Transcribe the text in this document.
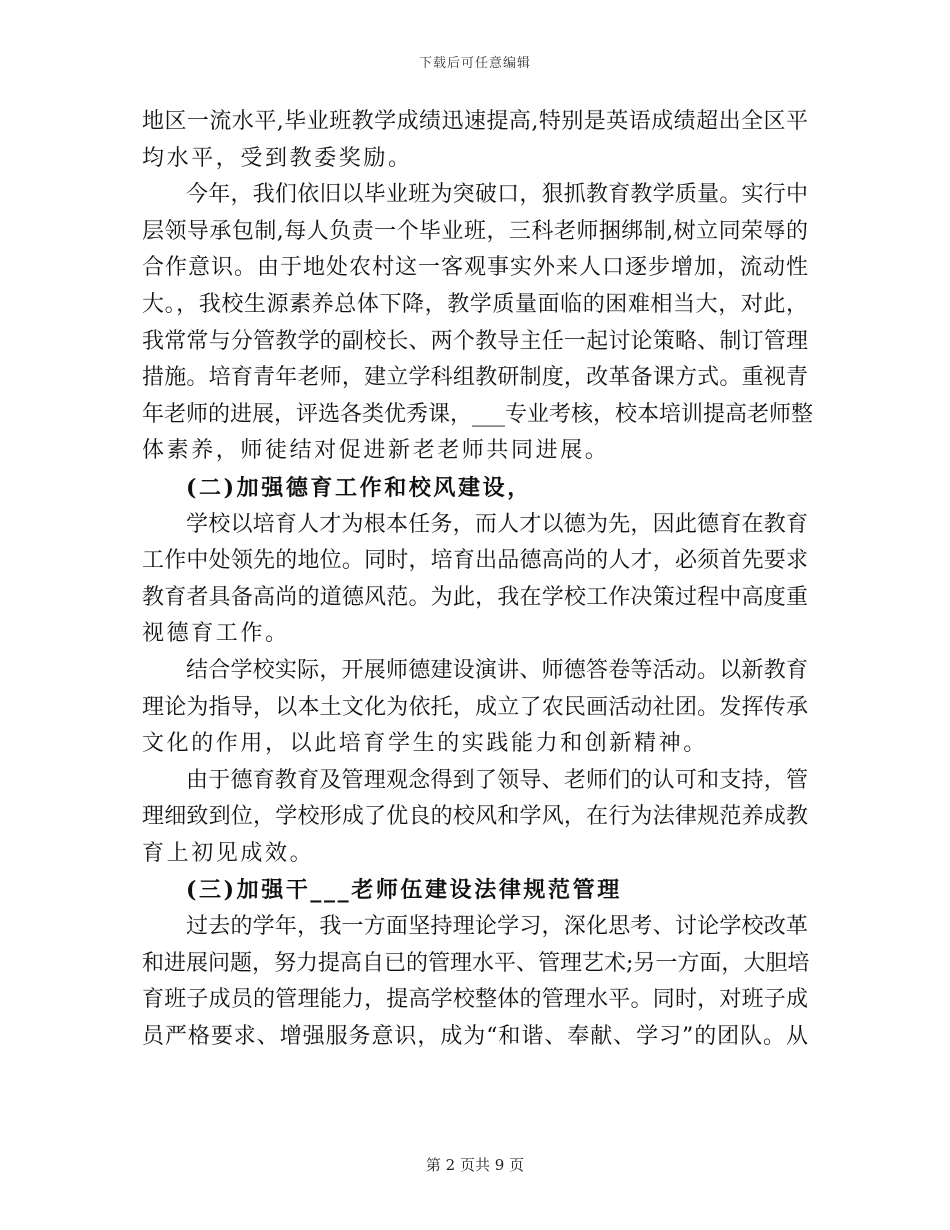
下载后可任意编辑
地区一流水平,毕业班教学成绩迅速提高,特别是英语成绩超出全区平
均水平，受到教委奖励。
今年，我们依旧以毕业班为突破口，狠抓教育教学质量。实行中
层领导承包制,每人负责一个毕业班，三科老师捆绑制,树立同荣辱的
合作意识。由于地处农村这一客观事实外来人口逐步增加，流动性
大。，我校生源素养总体下降，教学质量面临的困难相当大，对此，
我常常与分管教学的副校长、两个教导主任一起讨论策略、制订管理
措施。培育青年老师，建立学科组教研制度，改革备课方式。重视青
年老师的进展，评选各类优秀课，___专业考核，校本培训提高老师整
体素养，师徒结对促进新老老师共同进展。
(二)加强德育工作和校风建设，
学校以培育人才为根本任务，而人才以德为先，因此德育在教育
工作中处领先的地位。同时，培育出品德高尚的人才，必须首先要求
教育者具备高尚的道德风范。为此，我在学校工作决策过程中高度重
视德育工作。
结合学校实际，开展师德建设演讲、师德答卷等活动。以新教育
理论为指导，以本土文化为依托，成立了农民画活动社团。发挥传承
文化的作用，以此培育学生的实践能力和创新精神。
由于德育教育及管理观念得到了领导、老师们的认可和支持，管
理细致到位，学校形成了优良的校风和学风，在行为法律规范养成教
育上初见成效。
(三)加强干___老师伍建设法律规范管理
过去的学年，我一方面坚持理论学习，深化思考、讨论学校改革
和进展问题，努力提高自已的管理水平、管理艺术;另一方面，大胆培
育班子成员的管理能力，提高学校整体的管理水平。同时，对班子成
员严格要求、增强服务意识，成为“和谐、奉献、学习”的团队。从
第 2 页共 9 页
